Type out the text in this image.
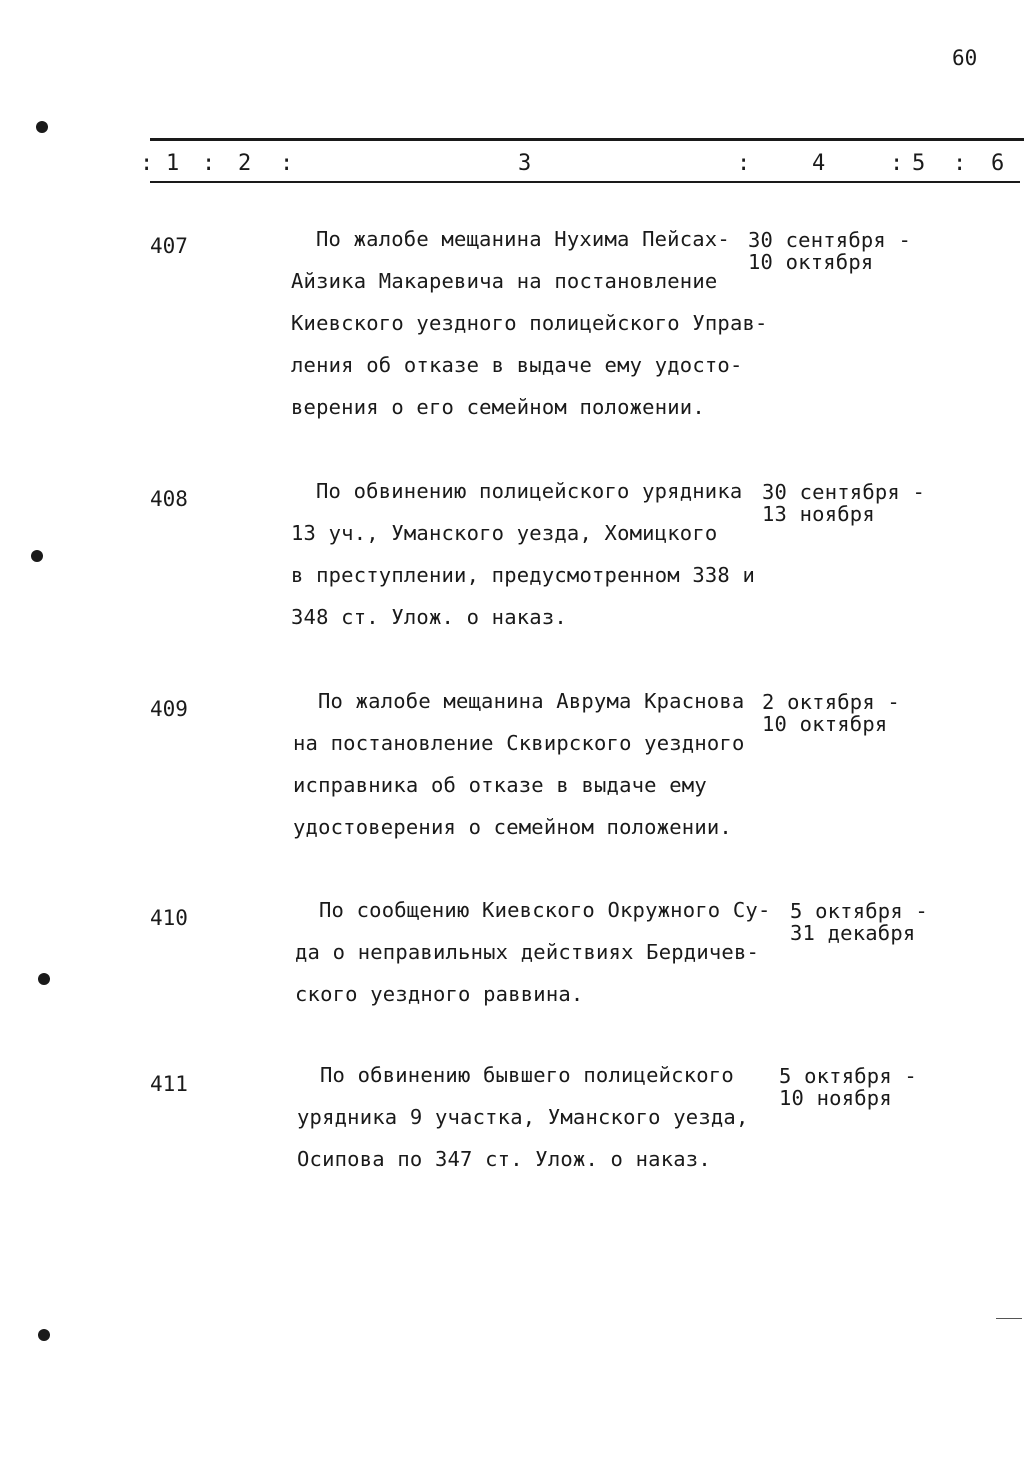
60
: 1 : 2 :	3	:	4	: 5 : 6
407	По жалобе мещанина Нухима Пейсах-
Айзика Макаревича на постановление
Киевского уездного полицейского Управ-
ления об отказе в выдаче ему удосто-
верения о его семейном положении.
30 сентября -
10 октября
408	По обвинению полицейского урядника
13 уч., Уманского уезда, Хомицкого
в преступлении, предусмотренном 338 и
348 ст. Улож. о наказ.
30 сентября -
13 ноября
409	По жалобе мещанина Аврума Краснова
на постановление Сквирского уездного
исправника об отказе в выдаче ему
удостоверения о семейном положении.
2 октября -
10 октября
410	По сообщению Киевского Окружного Су-
да о неправильных действиях Бердичев-
ского уездного раввина.
5 октября -
31 декабря
411	По обвинению бывшего полицейского
урядника 9 участка, Уманского уезда,
Осипова по 347 ст. Улож. о наказ.
5 октября -
10 ноября
